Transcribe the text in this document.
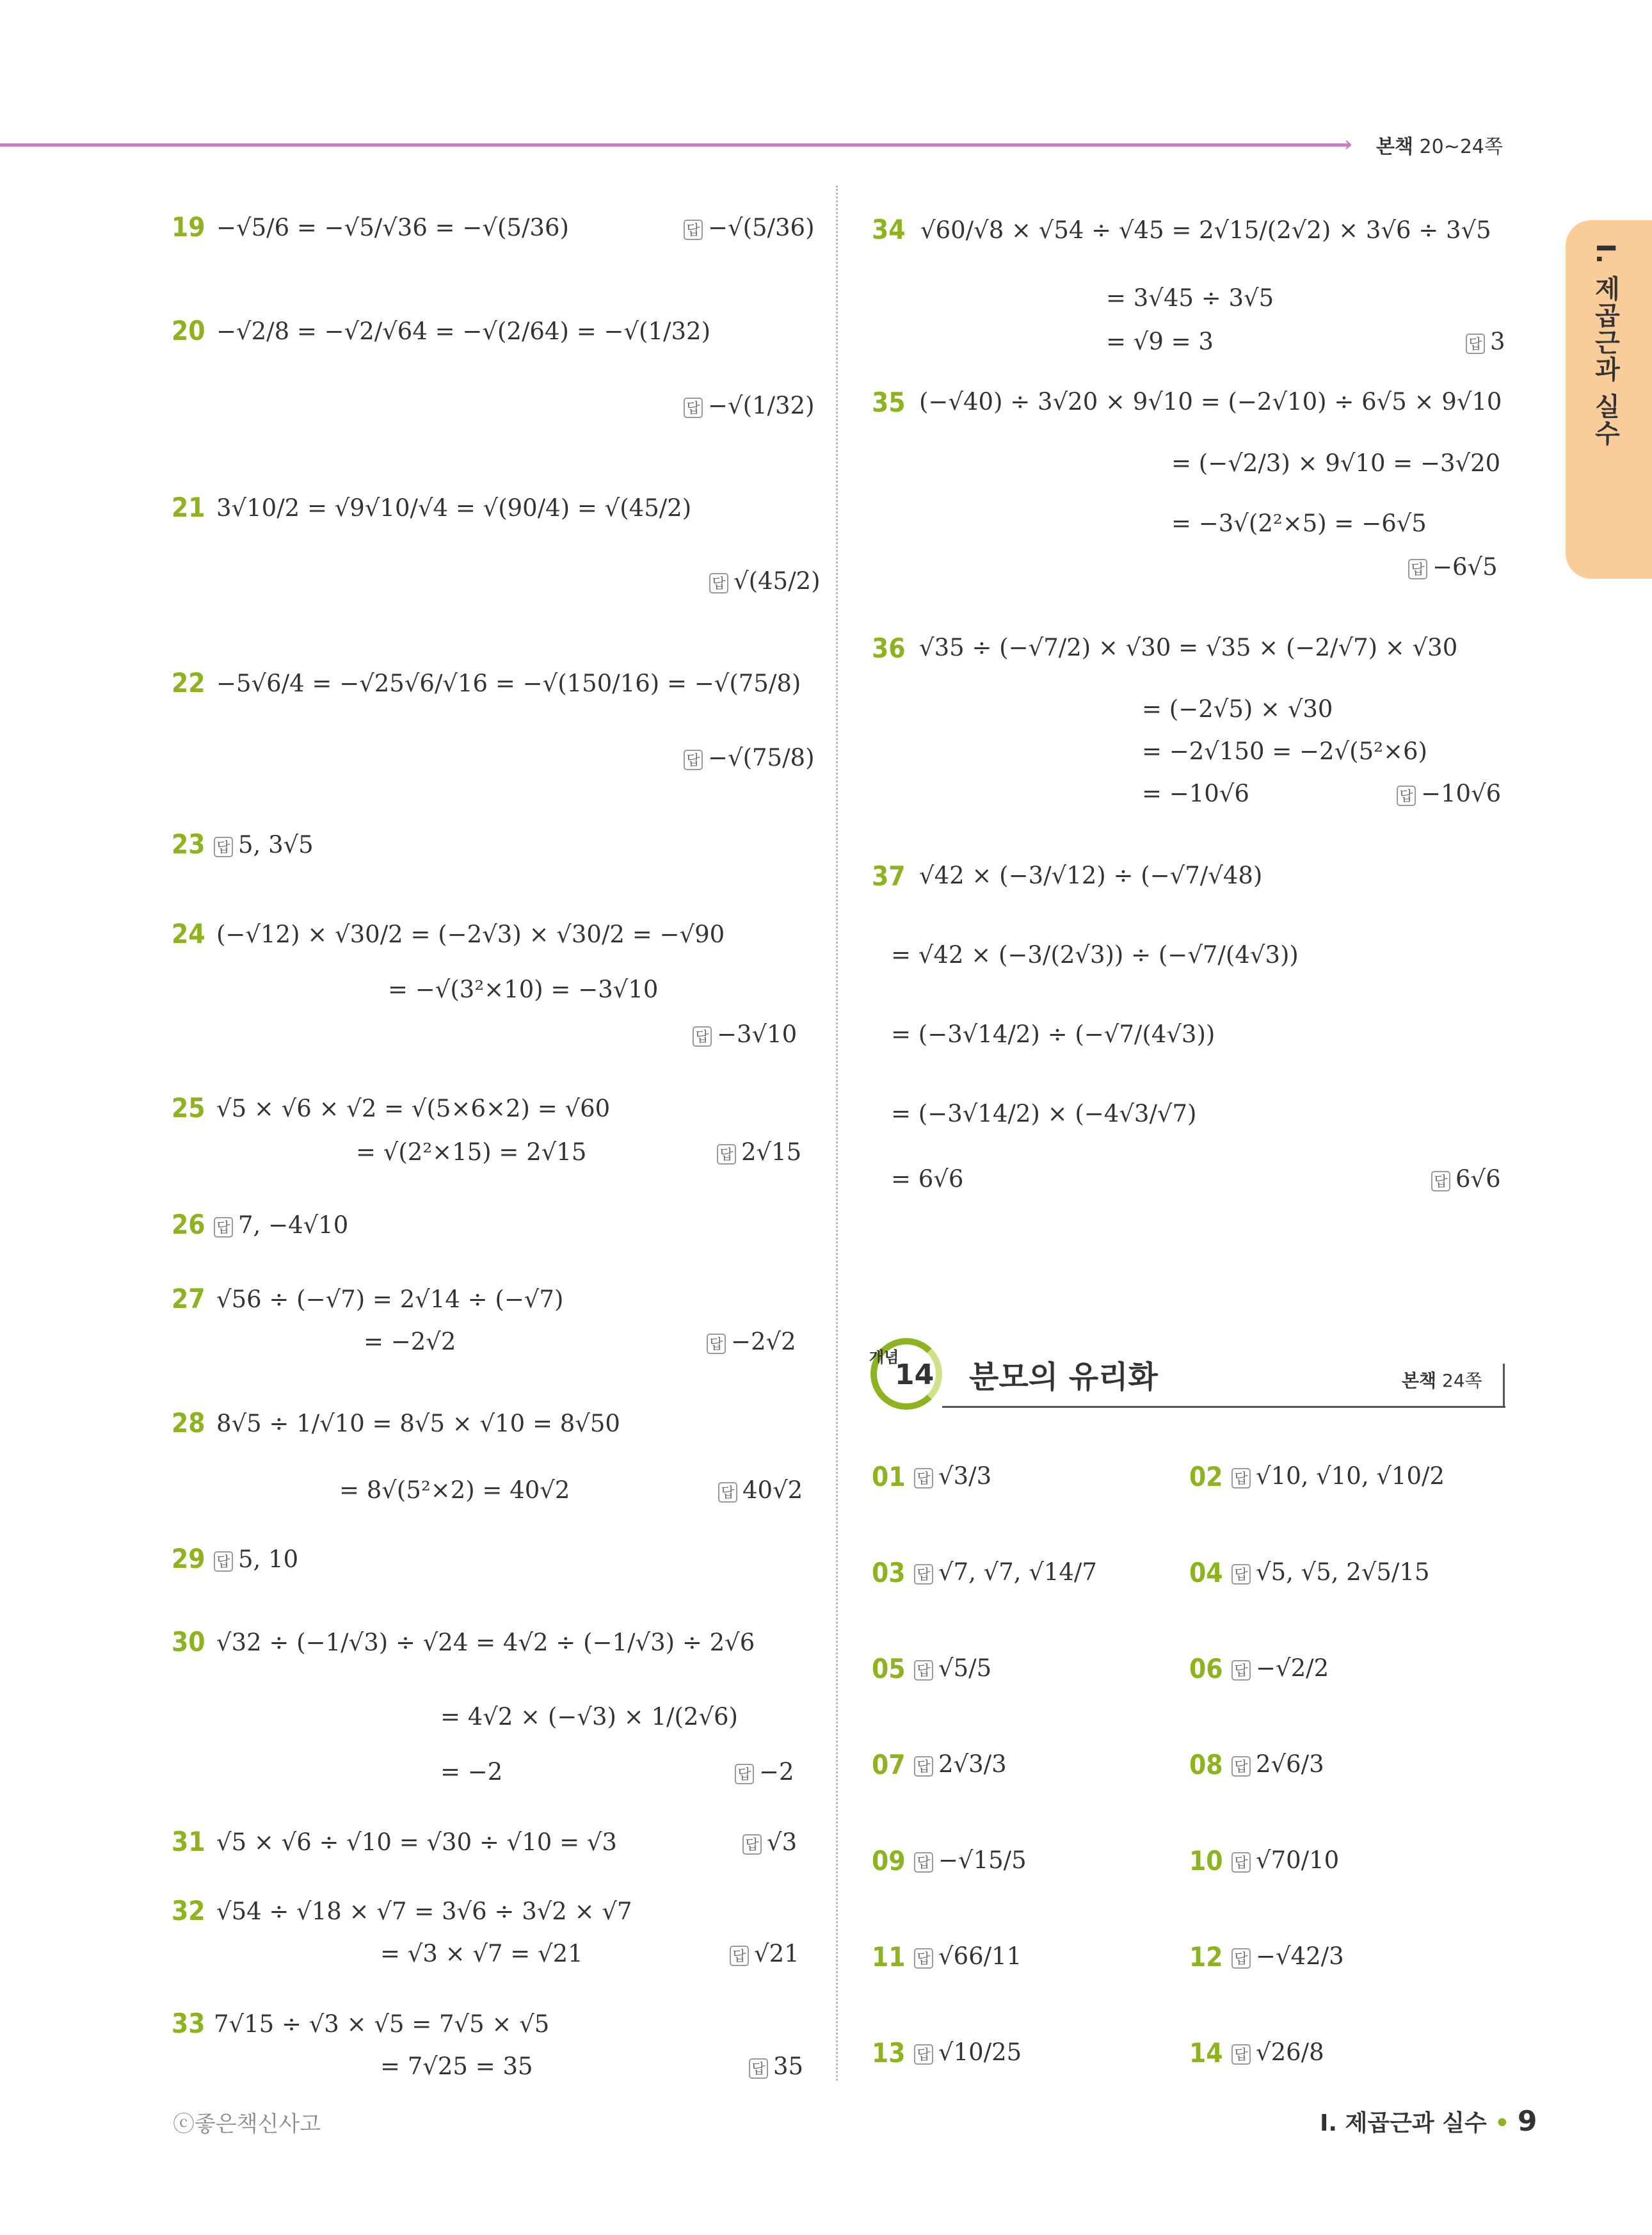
›	본책 20~24쪽
I. 제곱근과 실수
19 −√5/6 = −√5/√36 = −√(5/36)	답 −√(5/36)
20 −√2/8 = −√2/√64 = −√(2/64) = −√(1/32)
답 −√(1/32)
21 3√10/2 = √9√10/√4 = √(90/4) = √(45/2)
답 √(45/2)
22 −5√6/4 = −√25√6/√16 = −√(150/16) = −√(75/8)
답 −√(75/8)
23 답 5, 3√5
24 (−√12) × √30/2 = (−2√3) × √30/2 = −√90
= −√(3²×10) = −3√10
답 −3√10
25 √5 × √6 × √2 = √(5×6×2) = √60
= √(2²×15) = 2√15	답 2√15
26 답 7, −4√10
27 √56 ÷ (−√7) = 2√14 ÷ (−√7)
= −2√2	답 −2√2
28 8√5 ÷ 1/√10 = 8√5 × √10 = 8√50
= 8√(5²×2) = 40√2	답 40√2
29 답 5, 10
30 √32 ÷ (−1/√3) ÷ √24 = 4√2 ÷ (−1/√3) ÷ 2√6
= 4√2 × (−√3) × 1/(2√6)
= −2	답 −2
31 √5 × √6 ÷ √10 = √30 ÷ √10 = √3	답 √3
32 √54 ÷ √18 × √7 = 3√6 ÷ 3√2 × √7
= √3 × √7 = √21	답 √21
33 7√15 ÷ √3 × √5 = 7√5 × √5
= 7√25 = 35	답 35
34 √60/√8 × √54 ÷ √45 = 2√15/(2√2) × 3√6 ÷ 3√5
= 3√45 ÷ 3√5
= √9 = 3	답 3
35 (−√40) ÷ 3√20 × 9√10 = (−2√10) ÷ 6√5 × 9√10
= (−√2/3) × 9√10 = −3√20
= −3√(2²×5) = −6√5
답 −6√5
36 √35 ÷ (−√7/2) × √30 = √35 × (−2/√7) × √30
= (−2√5) × √30
= −2√150 = −2√(5²×6)
= −10√6	답 −10√6
37 √42 × (−3/√12) ÷ (−√7/√48)
= √42 × (−3/(2√3)) ÷ (−√7/(4√3))
= (−3√14/2) ÷ (−√7/(4√3))
= (−3√14/2) × (−4√3/√7)
= 6√6	답 6√6
개념
14 분모의 유리화	본책 24쪽
01 답 √3/3	02 답 √10, √10, √10/2
03 답 √7, √7, √14/7	04 답 √5, √5, 2√5/15
05 답 √5/5	06 답 −√2/2
07 답 2√3/3	08 답 2√6/3
09 답 −√15/5	10 답 √70/10
11 답 √66/11	12 답 −√42/3
13 답 √10/25	14 답 √26/8
ⓒ좋은책신사고	I. 제곱근과 실수 • 9
